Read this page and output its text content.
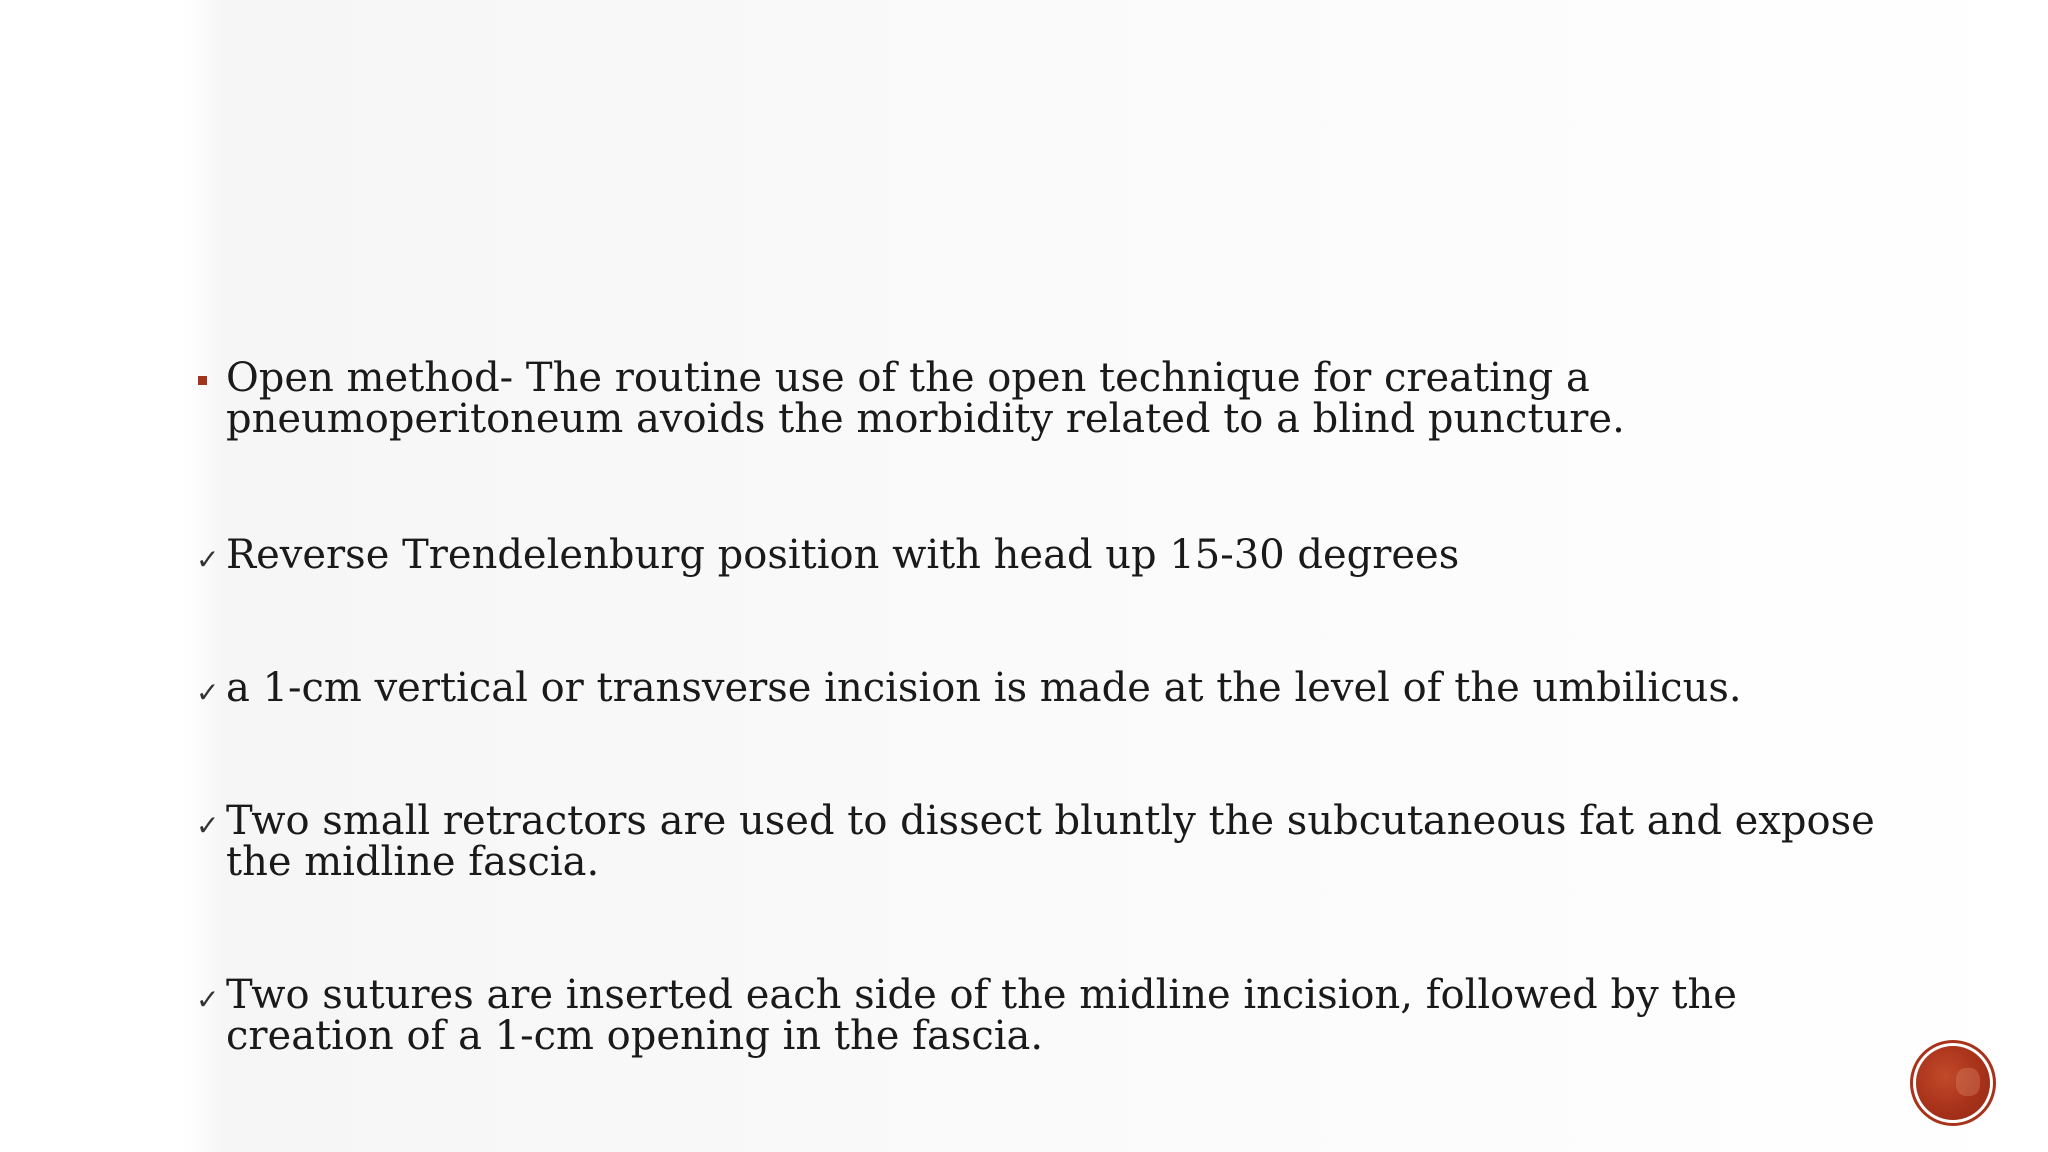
Open method- The routine use of the open technique for creating a pneumoperitoneum avoids the morbidity related to a blind puncture.
✓ Reverse Trendelenburg position with head up 15-30 degrees
✓ a 1-cm vertical or transverse incision is made at the level of the umbilicus.
✓ Two small retractors are used to dissect bluntly the subcutaneous fat and expose the midline fascia.
✓ Two sutures are inserted each side of the midline incision, followed by the creation of a 1-cm opening in the fascia.
